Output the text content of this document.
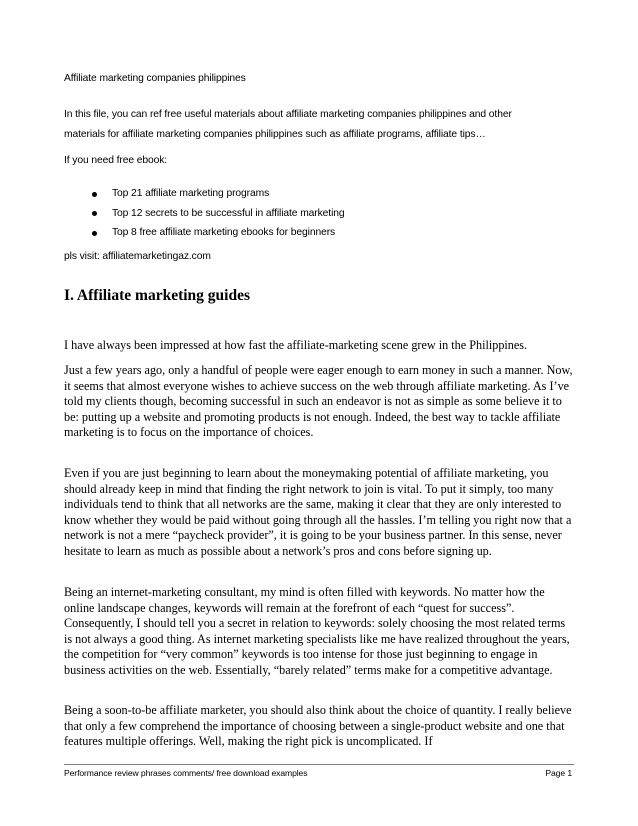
Affiliate marketing companies philippines
In this file, you can ref free useful materials about affiliate marketing companies philippines and other
materials for affiliate marketing companies philippines such as affiliate programs, affiliate tips…
If you need free ebook:
Top 21 affiliate marketing programs
Top 12 secrets to be successful in affiliate marketing
Top 8 free affiliate marketing ebooks for beginners
pls visit: affiliatemarketingaz.com
I. Affiliate marketing guides

I have always been impressed at how fast the affiliate-marketing scene grew in the Philippines.

Just a few years ago, only a handful of people were eager enough to earn money in such a manner. Now, it seems that almost everyone wishes to achieve success on the web through affiliate marketing. As I’ve told my clients though, becoming successful in such an endeavor is not as simple as some believe it to be: putting up a website and promoting products is not enough. Indeed, the best way to tackle affiliate marketing is to focus on the importance of choices.

Even if you are just beginning to learn about the moneymaking potential of affiliate marketing, you should already keep in mind that finding the right network to join is vital. To put it simply, too many individuals tend to think that all networks are the same, making it clear that they are only interested to know whether they would be paid without going through all the hassles. I’m telling you right now that a network is not a mere “paycheck provider”, it is going to be your business partner. In this sense, never hesitate to learn as much as possible about a network’s pros and cons before signing up.

Being an internet-marketing consultant, my mind is often filled with keywords. No matter how the online landscape changes, keywords will remain at the forefront of each “quest for success”. Consequently, I should tell you a secret in relation to keywords: solely choosing the most related terms is not always a good thing. As internet marketing specialists like me have realized throughout the years, the competition for “very common” keywords is too intense for those just beginning to engage in business activities on the web. Essentially, “barely related” terms make for a competitive advantage.

Being a soon-to-be affiliate marketer, you should also think about the choice of quantity. I really believe that only a few comprehend the importance of choosing between a single-product website and one that features multiple offerings. Well, making the right pick is uncomplicated. If

Performance review phrases comments/ free download examples	Page 1
